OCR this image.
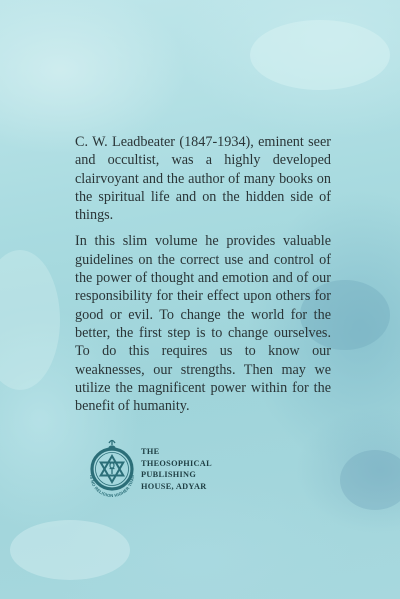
C. W. Leadbeater (1847-1934), eminent seer and occultist, was a highly developed clairvoyant and the author of many books on the spiritual life and on the hidden side of things.

In this slim volume he provides valuable guidelines on the correct use and control of the power of thought and emotion and of our responsibility for their effect upon others for good or evil. To change the world for the better, the first step is to change ourselves. To do this requires us to know our weaknesses, our strengths. Then may we utilize the magnificent power within for the benefit of humanity.

IS NO RELIGION HIGHER THAN
THE
THEOSOPHICAL
PUBLISHING
HOUSE, ADYAR
